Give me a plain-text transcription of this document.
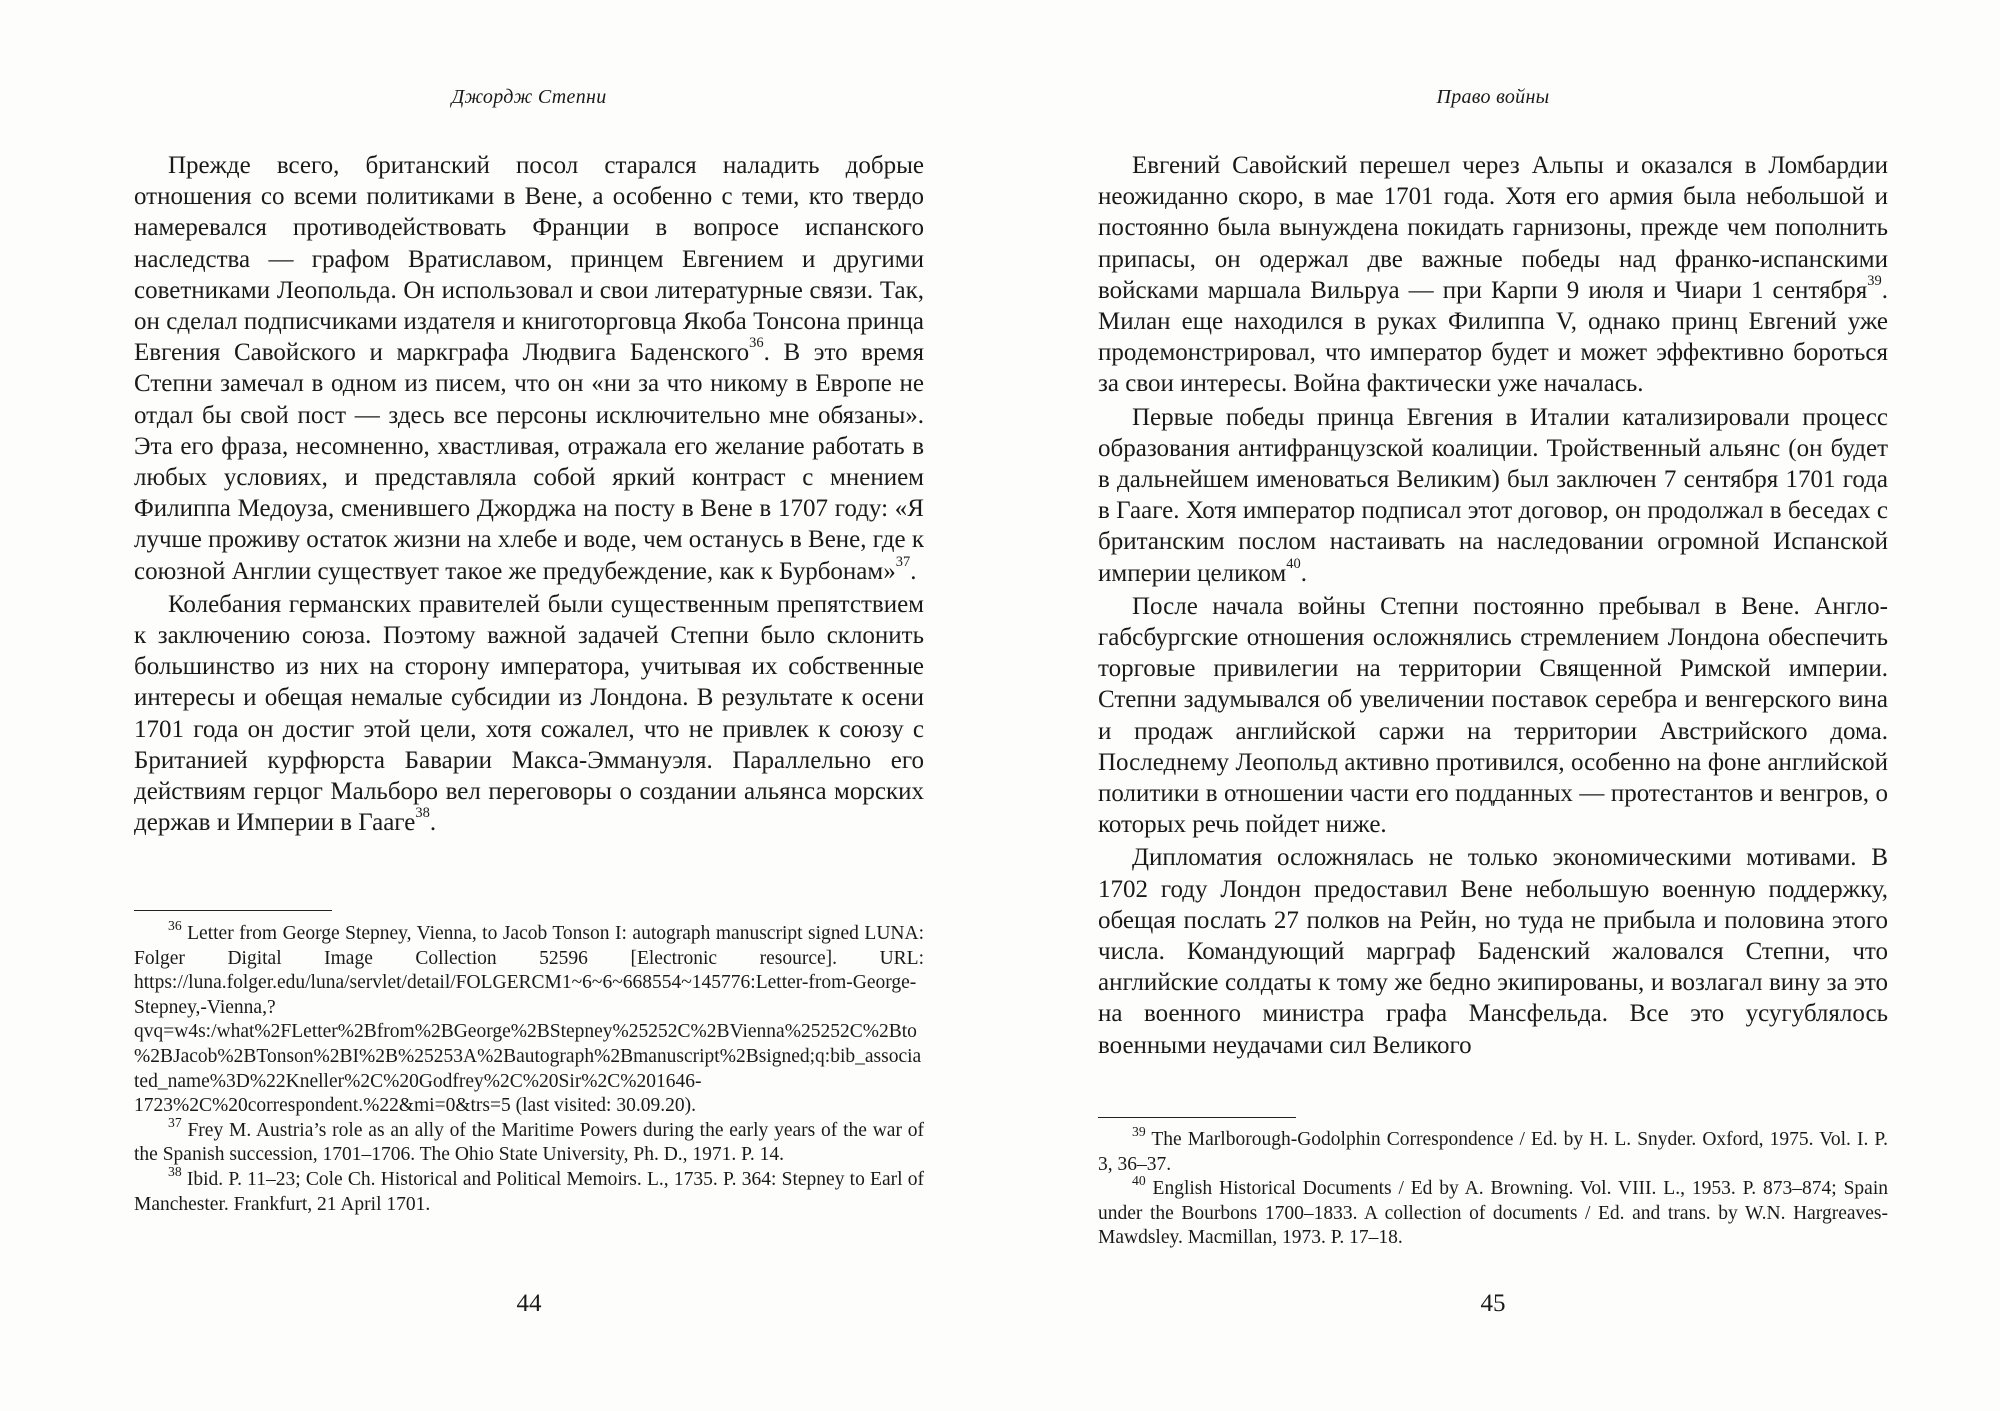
Джордж Степни

Прежде всего, британский посол старался наладить добрые отношения со всеми политиками в Вене, а особенно с теми, кто твердо намеревался противодействовать Франции в вопросе испанского наследства — графом Вратиславом, принцем Евгением и другими советниками Леопольда. Он использовал и свои литературные связи. Так, он сделал подписчиками издателя и книготорговца Якоба Тонсона принца Евгения Савойского и маркграфа Людвига Баденского$^{36}$. В это время Степни замечал в одном из писем, что он «ни за что никому в Европе не отдал бы свой пост — здесь все персоны исключительно мне обязаны». Эта его фраза, несомненно, хвастливая, отражала его желание работать в любых условиях, и представляла собой яркий контраст с мнением Филиппа Медоуза, сменившего Джорджа на посту в Вене в 1707 году: «Я лучше проживу остаток жизни на хлебе и воде, чем останусь в Вене, где к союзной Англии существует такое же предубеждение, как к Бурбонам»$^{37}$.

Колебания германских правителей были существенным препятствием к заключению союза. Поэтому важной задачей Степни было склонить большинство из них на сторону императора, учитывая их собственные интересы и обещая немалые субсидии из Лондона. В результате к осени 1701 года он достиг этой цели, хотя сожалел, что не привлек к союзу с Британией курфюрста Баварии Макса-Эммануэля. Параллельно его действиям герцог Мальборо вел переговоры о создании альянса морских держав и Империи в Гааге$^{38}$.

$^{36}$ Letter from George Stepney, Vienna, to Jacob Tonson I: autograph manuscript signed LUNA: Folger Digital Image Collection 52596 [Electronic resource]. URL: https://luna.folger.edu/luna/servlet/detail/FOLGERCM1~6~6~668554~145776:Letter-from-George-Stepney,-Vienna,?qvq=w4s:/what%2FLetter%2Bfrom%2BGeorge%2BStepney%25252C%2BVienna%25252C%2Bto%2BJacob%2BTonson%2BI%2B%25253A%2Bautograph%2Bmanuscript%2Bsigned;q:bib_associated_name%3D%22Kneller%2C%20Godfrey%2C%20Sir%2C%201646-1723%2C%20correspondent.%22&mi=0&trs=5 (last visited: 30.09.20).

$^{37}$ Frey M. Austria’s role as an ally of the Maritime Powers during the early years of the war of the Spanish succession, 1701–1706. The Ohio State University, Ph. D., 1971. P. 14.

$^{38}$ Ibid. P. 11–23; Cole Ch. Historical and Political Memoirs. L., 1735. P. 364: Stepney to Earl of Manchester. Frankfurt, 21 April 1701.

44
Право войны

Евгений Савойский перешел через Альпы и оказался в Ломбардии неожиданно скоро, в мае 1701 года. Хотя его армия была небольшой и постоянно была вынуждена покидать гарнизоны, прежде чем пополнить припасы, он одержал две важные победы над франко-испанскими войсками маршала Вильруа — при Карпи 9 июля и Чиари 1 сентября$^{39}$. Милан еще находился в руках Филиппа V, однако принц Евгений уже продемонстрировал, что император будет и может эффективно бороться за свои интересы. Война фактически уже началась.

Первые победы принца Евгения в Италии катализировали процесс образования антифранцузской коалиции. Тройственный альянс (он будет в дальнейшем именоваться Великим) был заключен 7 сентября 1701 года в Гааге. Хотя император подписал этот договор, он продолжал в беседах с британским послом настаивать на наследовании огромной Испанской империи целиком$^{40}$.

После начала войны Степни постоянно пребывал в Вене. Англо-габсбургские отношения осложнялись стремлением Лондона обеспечить торговые привилегии на территории Священной Римской империи. Степни задумывался об увеличении поставок серебра и венгерского вина и продаж английской саржи на территории Австрийского дома. Последнему Леопольд активно противился, особенно на фоне английской политики в отношении части его подданных — протестантов и венгров, о которых речь пойдет ниже.

Дипломатия осложнялась не только экономическими мотивами. В 1702 году Лондон предоставил Вене небольшую военную поддержку, обещая послать 27 полков на Рейн, но туда не прибыла и половина этого числа. Командующий марграф Баденский жаловался Степни, что английские солдаты к тому же бедно экипированы, и возлагал вину за это на военного министра графа Мансфельда. Все это усугублялось военными неудачами сил Великого

$^{39}$ The Marlborough-Godolphin Correspondence / Ed. by H. L. Snyder. Oxford, 1975. Vol. I. P. 3, 36–37.

$^{40}$ English Historical Documents / Ed by A. Browning. Vol. VIII. L., 1953. P. 873–874; Spain under the Bourbons 1700–1833. A collection of documents / Ed. and trans. by W.N. Hargreaves-Mawdsley. Macmillan, 1973. P. 17–18.

45
